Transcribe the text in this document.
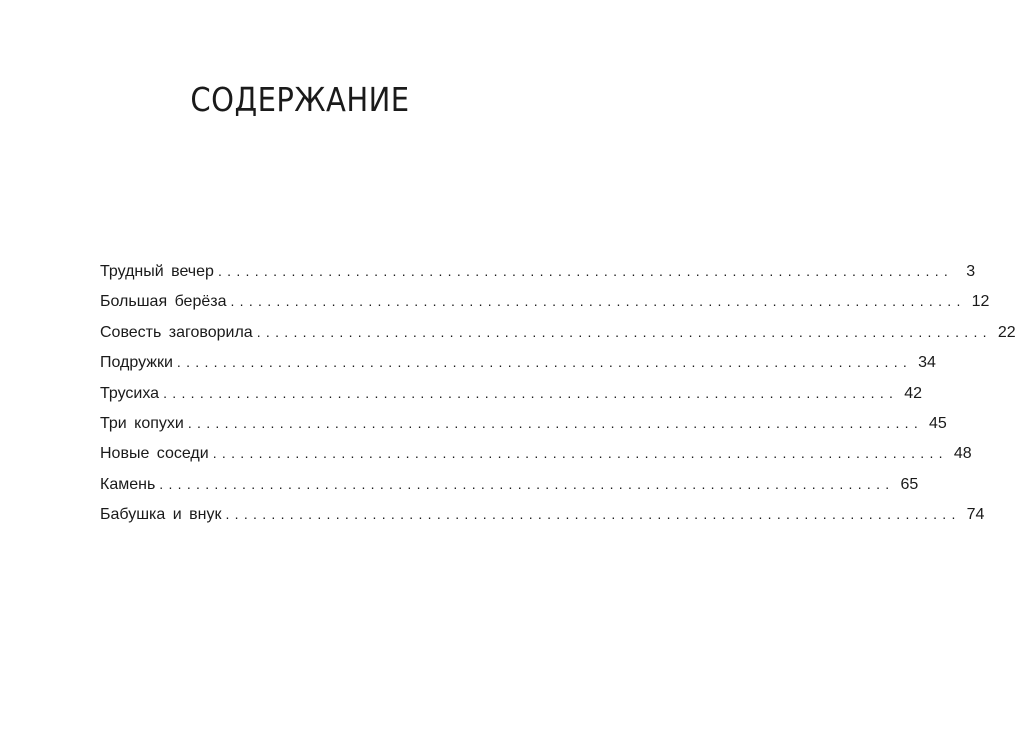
СОДЕРЖАНИЕ
Трудный вечер ................................................................................ 3
Большая берёза ................................................................................ 12
Совесть заговорила ................................................................................ 22
Подружки ................................................................................ 34
Трусиха ................................................................................ 42
Три копухи ................................................................................ 45
Новые соседи ................................................................................ 48
Камень ................................................................................ 65
Бабушка и внук ................................................................................ 74
